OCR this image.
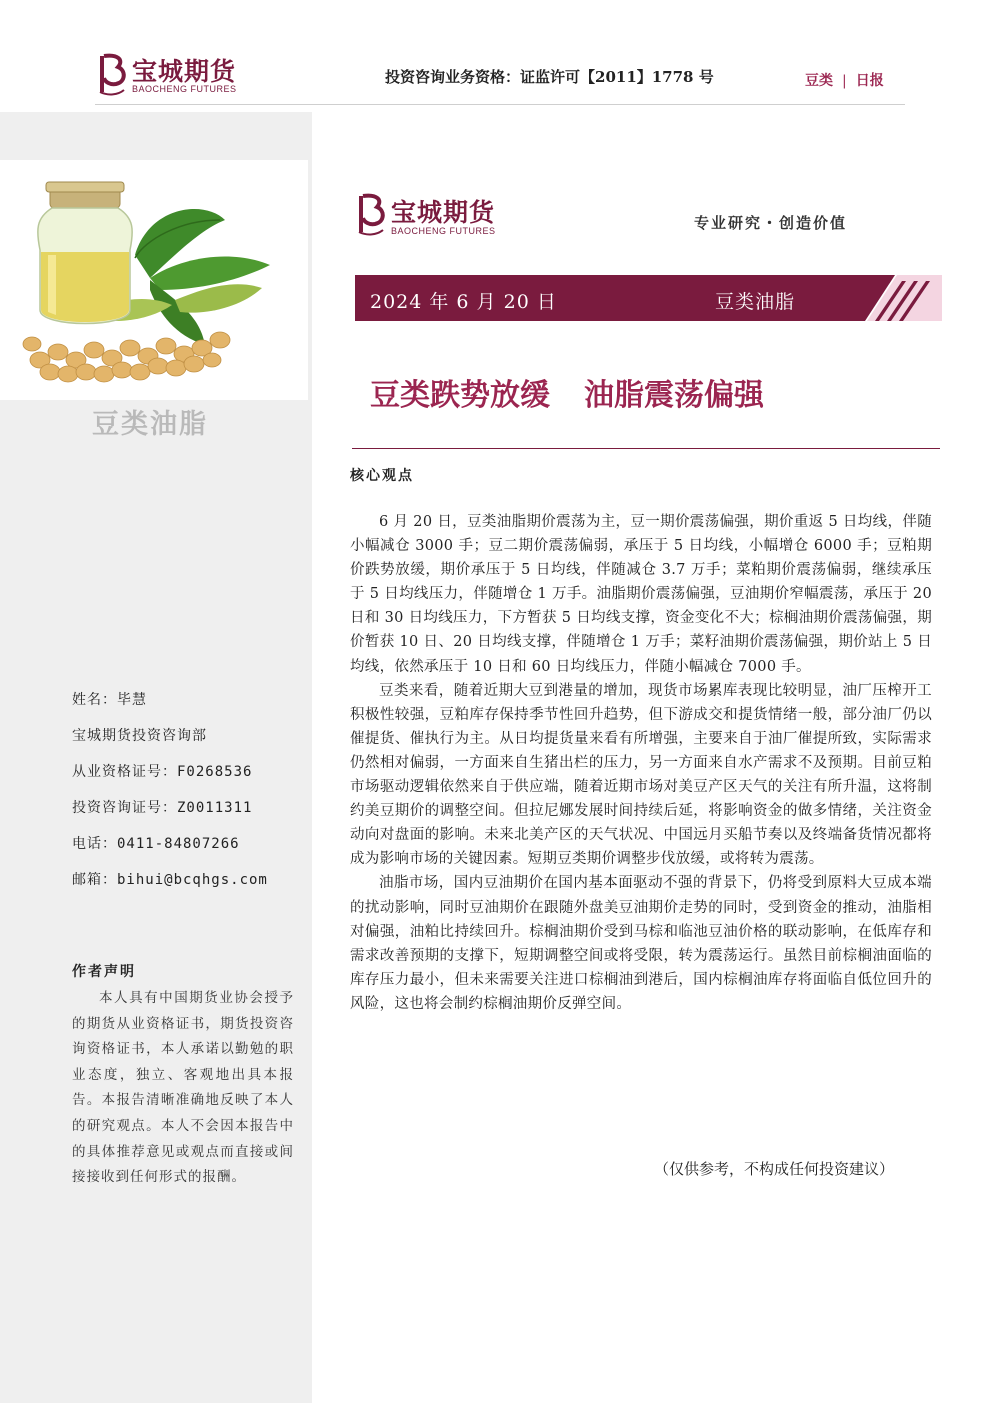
宝城期货
BAOCHENG FUTURES
投资咨询业务资格：证监许可【2011】1778 号	豆类 | 日报
豆类油脂
姓名：毕慧
宝城期货投资咨询部
从业资格证号：F0268536
投资咨询证号：Z0011311
电话：0411-84807266
邮箱：bihui@bcqhgs.com
作者声明
本人具有中国期货业协会授予的期货从业资格证书，期货投资咨询资格证书，本人承诺以勤勉的职业态度，独立、客观地出具本报告。本报告清晰准确地反映了本人的研究观点。本人不会因本报告中的具体推荐意见或观点而直接或间接接收到任何形式的报酬。
宝城期货
BAOCHENG FUTURES	专业研究・创造价值
2024 年 6 月 20 日	豆类油脂
豆类跌势放缓 油脂震荡偏强
核心观点

6 月 20 日，豆类油脂期价震荡为主，豆一期价震荡偏强，期价重返 5 日均线，伴随小幅减仓 3000 手；豆二期价震荡偏弱，承压于 5 日均线，小幅增仓 6000 手；豆粕期价跌势放缓，期价承压于 5 日均线，伴随减仓 3.7 万手；菜粕期价震荡偏弱，继续承压于 5 日均线压力，伴随增仓 1 万手。油脂期价震荡偏强，豆油期价窄幅震荡，承压于 20 日和 30 日均线压力，下方暂获 5 日均线支撑，资金变化不大；棕榈油期价震荡偏强，期价暂获 10 日、20 日均线支撑，伴随增仓 1 万手；菜籽油期价震荡偏强，期价站上 5 日均线，依然承压于 10 日和 60 日均线压力，伴随小幅减仓 7000 手。

豆类来看，随着近期大豆到港量的增加，现货市场累库表现比较明显，油厂压榨开工积极性较强，豆粕库存保持季节性回升趋势，但下游成交和提货情绪一般，部分油厂仍以催提货、催执行为主。从日均提货量来看有所增强，主要来自于油厂催提所致，实际需求仍然相对偏弱，一方面来自生猪出栏的压力，另一方面来自水产需求不及预期。目前豆粕市场驱动逻辑依然来自于供应端，随着近期市场对美豆产区天气的关注有所升温，这将制约美豆期价的调整空间。但拉尼娜发展时间持续后延，将影响资金的做多情绪，关注资金动向对盘面的影响。未来北美产区的天气状况、中国远月买船节奏以及终端备货情况都将成为影响市场的关键因素。短期豆类期价调整步伐放缓，或将转为震荡。

油脂市场，国内豆油期价在国内基本面驱动不强的背景下，仍将受到原料大豆成本端的扰动影响，同时豆油期价在跟随外盘美豆油期价走势的同时，受到资金的推动，油脂相对偏强，油粕比持续回升。棕榈油期价受到马棕和临池豆油价格的联动影响，在低库存和需求改善预期的支撑下，短期调整空间或将受限，转为震荡运行。虽然目前棕榈油面临的库存压力最小，但未来需要关注进口棕榈油到港后，国内棕榈油库存将面临自低位回升的风险，这也将会制约棕榈油期价反弹空间。

（仅供参考，不构成任何投资建议）
